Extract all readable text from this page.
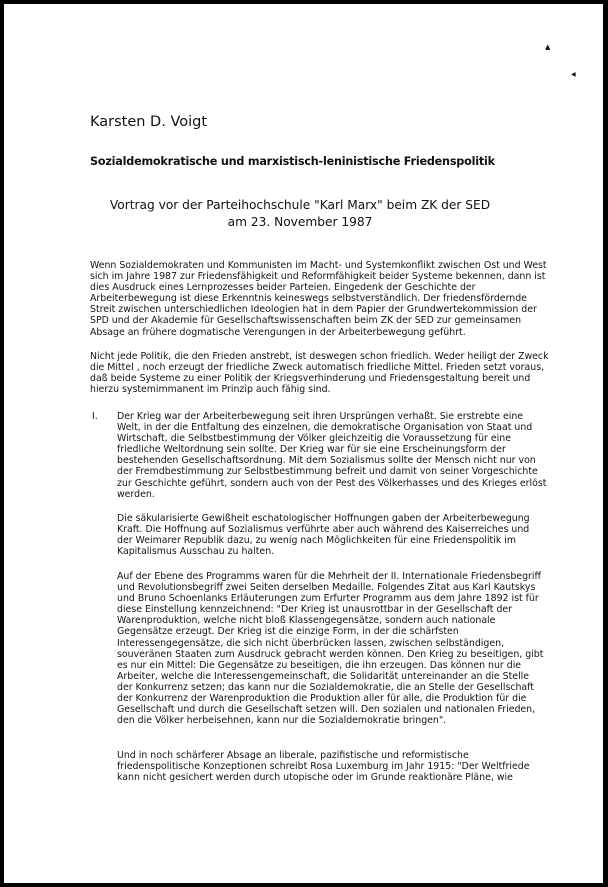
▲
◀
Karsten D. Voigt
Sozialdemokratische und marxistisch-leninistische Friedenspolitik
Vortrag vor der Parteihochschule "Karl Marx" beim ZK der SED
am 23. November 1987
Wenn Sozialdemokraten und Kommunisten im Macht- und Systemkonflikt zwischen Ost und West sich im Jahre 1987 zur Friedensfähigkeit und Reformfähigkeit beider Systeme bekennen, dann ist dies Ausdruck eines Lernprozesses beider Parteien. Eingedenk der Geschichte der Arbeiterbewegung ist diese Erkenntnis keineswegs selbstverständlich. Der friedensfördernde Streit zwischen unterschiedlichen Ideologien hat in dem Papier der Grundwertekommission der SPD und der Akademie für Gesellschaftswissenschaften beim ZK der SED zur gemeinsamen Absage an frühere dogmatische Verengungen in der Arbeiterbewegung geführt.
Nicht jede Politik, die den Frieden anstrebt, ist deswegen schon friedlich. Weder heiligt der Zweck die Mittel , noch erzeugt der friedliche Zweck automatisch friedliche Mittel. Frieden setzt voraus, daß beide Systeme zu einer Politik der Kriegsverhinderung und Friedensgestaltung bereit und hierzu systemimmanent im Prinzip auch fähig sind.
I. Der Krieg war der Arbeiterbewegung seit ihren Ursprüngen verhaßt. Sie erstrebte eine Welt, in der die Entfaltung des einzelnen, die demokratische Organisation von Staat und Wirtschaft, die Selbstbestimmung der Völker gleichzeitig die Voraussetzung für eine friedliche Weltordnung sein sollte. Der Krieg war für sie eine Erscheinungsform der bestehenden Gesellschaftsordnung. Mit dem Sozialismus sollte der Mensch nicht nur von der Fremdbestimmung zur Selbstbestimmung befreit und damit von seiner Vorgeschichte zur Geschichte geführt, sondern auch von der Pest des Völkerhasses und des Krieges erlöst werden.
Die säkularisierte Gewißheit eschatologischer Hoffnungen gaben der Arbeiterbewegung Kraft. Die Hoffnung auf Sozialismus verführte aber auch während des Kaiserreiches und der Weimarer Republik dazu, zu wenig nach Möglichkeiten für eine Friedenspolitik im Kapitalismus Ausschau zu halten.
Auf der Ebene des Programms waren für die Mehrheit der II. Internationale Friedensbegriff und Revolutionsbegriff zwei Seiten derselben Medaille. Folgendes Zitat aus Karl Kautskys und Bruno Schoenlanks Erläuterungen zum Erfurter Programm aus dem Jahre 1892 ist für diese Einstellung kennzeichnend: "Der Krieg ist unausrottbar in der Gesellschaft der Warenproduktion, welche nicht bloß Klassengegensätze, sondern auch nationale Gegensätze erzeugt. Der Krieg ist die einzige Form, in der die schärfsten Interessengegensätze, die sich nicht überbrücken lassen, zwischen selbständigen, souveränen Staaten zum Ausdruck gebracht werden können. Den Krieg zu beseitigen, gibt es nur ein Mittel: Die Gegensätze zu beseitigen, die ihn erzeugen. Das können nur die Arbeiter, welche die Interessengemeinschaft, die Solidarität untereinander an die Stelle der Konkurrenz setzen; das kann nur die Sozialdemokratie, die an Stelle der Gesellschaft der Konkurrenz der Warenproduktion die Produktion aller für alle, die Produktion für die Gesellschaft und durch die Gesellschaft setzen will. Den sozialen und nationalen Frieden, den die Völker herbeisehnen, kann nur die Sozialdemokratie bringen".
Und in noch schärferer Absage an liberale, pazifistische und reformistische friedenspolitische Konzeptionen schreibt Rosa Luxemburg im Jahr 1915: "Der Weltfriede kann nicht gesichert werden durch utopische oder im Grunde reaktionäre Pläne, wie
